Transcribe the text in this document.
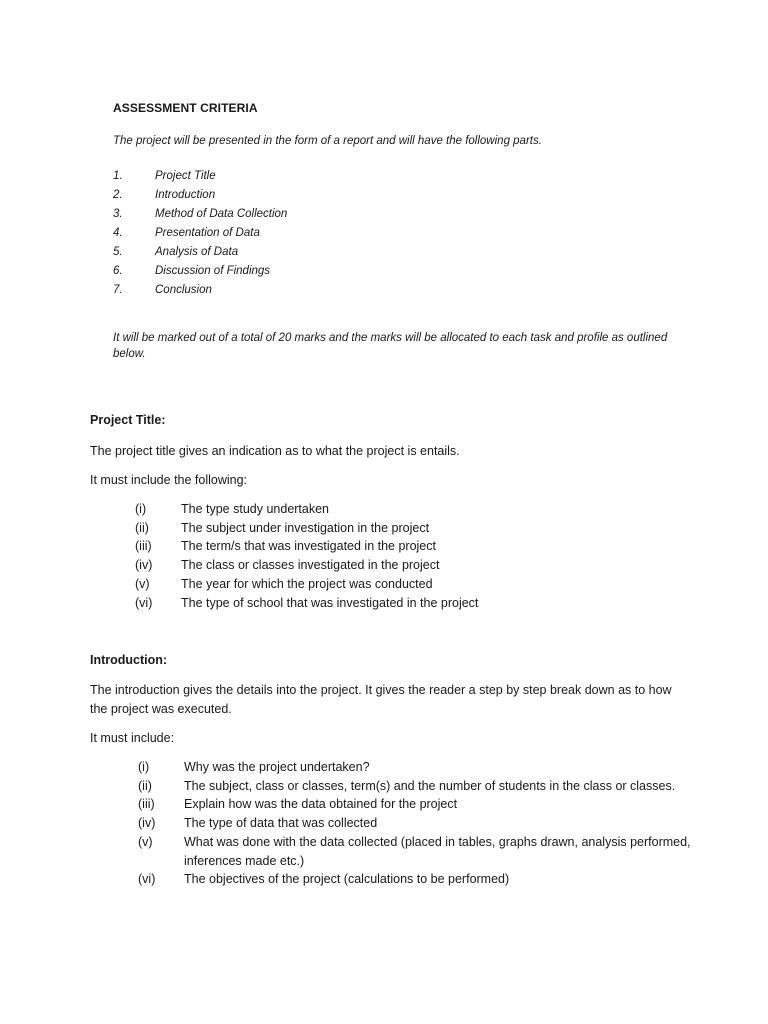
ASSESSMENT CRITERIA
The project will be presented in the form of a report and will have the following parts.
1.	Project Title
2.	Introduction
3.	Method of Data Collection
4.	Presentation of Data
5.	Analysis of Data
6.	Discussion of Findings
7.	Conclusion
It will be marked out of a total of 20 marks and the marks will be allocated to each task and profile as outlined below.
Project Title:
The project title gives an indication as to what the project is entails.
It must include the following:
(i)	The type study undertaken
(ii)	The subject under investigation in the project
(iii)	The term/s that was investigated in the project
(iv)	The class or classes investigated in the project
(v)	The year for which the project was conducted
(vi)	The type of school that was investigated in the project
Introduction:
The introduction gives the details into the project. It gives the reader a step by step break down as to how the project was executed.
It must include:
(i)	Why was the project undertaken?
(ii)	The subject, class or classes, term(s) and the number of students in the class or classes.
(iii)	Explain how was the data obtained for the project
(iv)	The type of data that was collected
(v)	What was done with the data collected (placed in tables, graphs drawn, analysis performed, inferences made etc.)
(vi)	The objectives of the project (calculations to be performed)
